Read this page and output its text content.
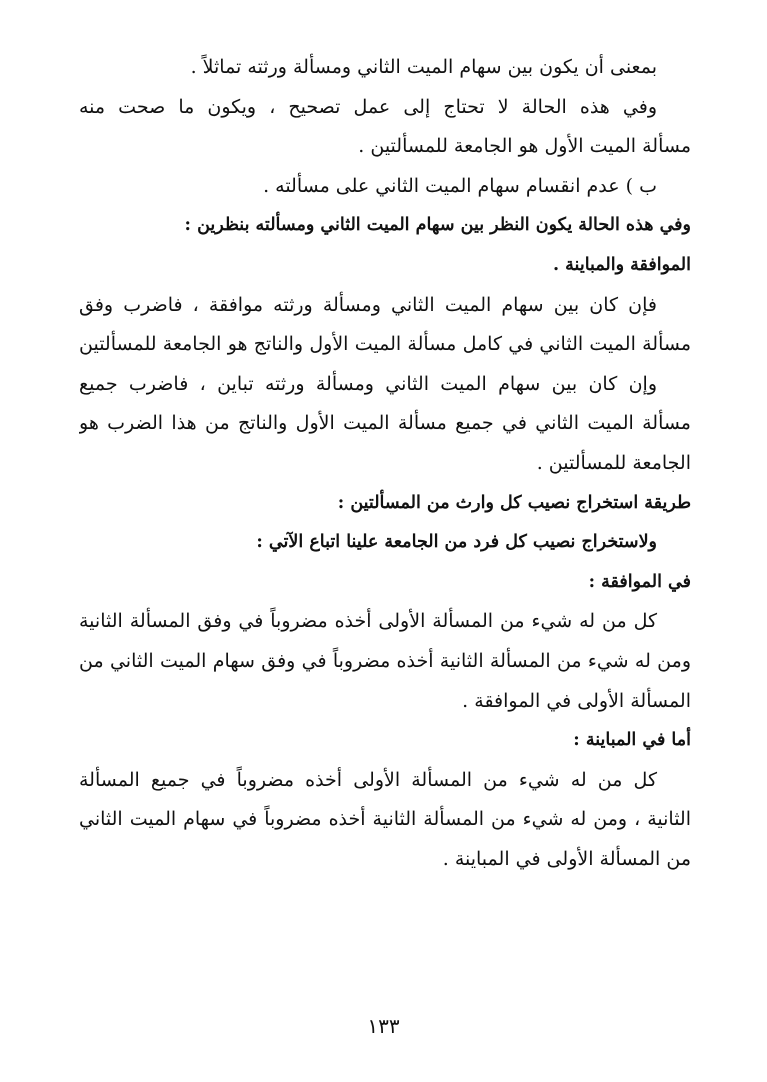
بمعنى أن يكون بين سهام الميت الثاني ومسألة ورثته تماثلاً .
وفي هذه الحالة لا تحتاج إلى عمل تصحيح ، ويكون ما صحت منه
مسألة الميت الأول هو الجامعة للمسألتين .
ب ) عدم انقسام سهام الميت الثاني على مسألته .
وفي هذه الحالة يكون النظر بين سهام الميت الثاني ومسألته بنظرين :
الموافقة والمباينة .
فإن كان بين سهام الميت الثاني ومسألة ورثته موافقة ، فاضرب وفق
مسألة الميت الثاني في كامل مسألة الميت الأول والناتج هو الجامعة للمسألتين
وإن كان بين سهام الميت الثاني ومسألة ورثته تباين ، فاضرب جميع
مسألة الميت الثاني في جميع مسألة الميت الأول والناتج من هذا الضرب هو
الجامعة للمسألتين .
طريقة استخراج نصيب كل وارث من المسألتين :
ولاستخراج نصيب كل فرد من الجامعة علينا اتباع الآتي :
في الموافقة :
كل من له شيء من المسألة الأولى أخذه مضروباً في وفق المسألة الثانية
ومن له شيء من المسألة الثانية أخذه مضروباً في وفق سهام الميت الثاني من
المسألة الأولى في الموافقة .
أما في المباينة :
كل من له شيء من المسألة الأولى أخذه مضروباً في جميع المسألة
الثانية ، ومن له شيء من المسألة الثانية أخذه مضروباً في سهام الميت الثاني
من المسألة الأولى في المباينة .
١٣٣
